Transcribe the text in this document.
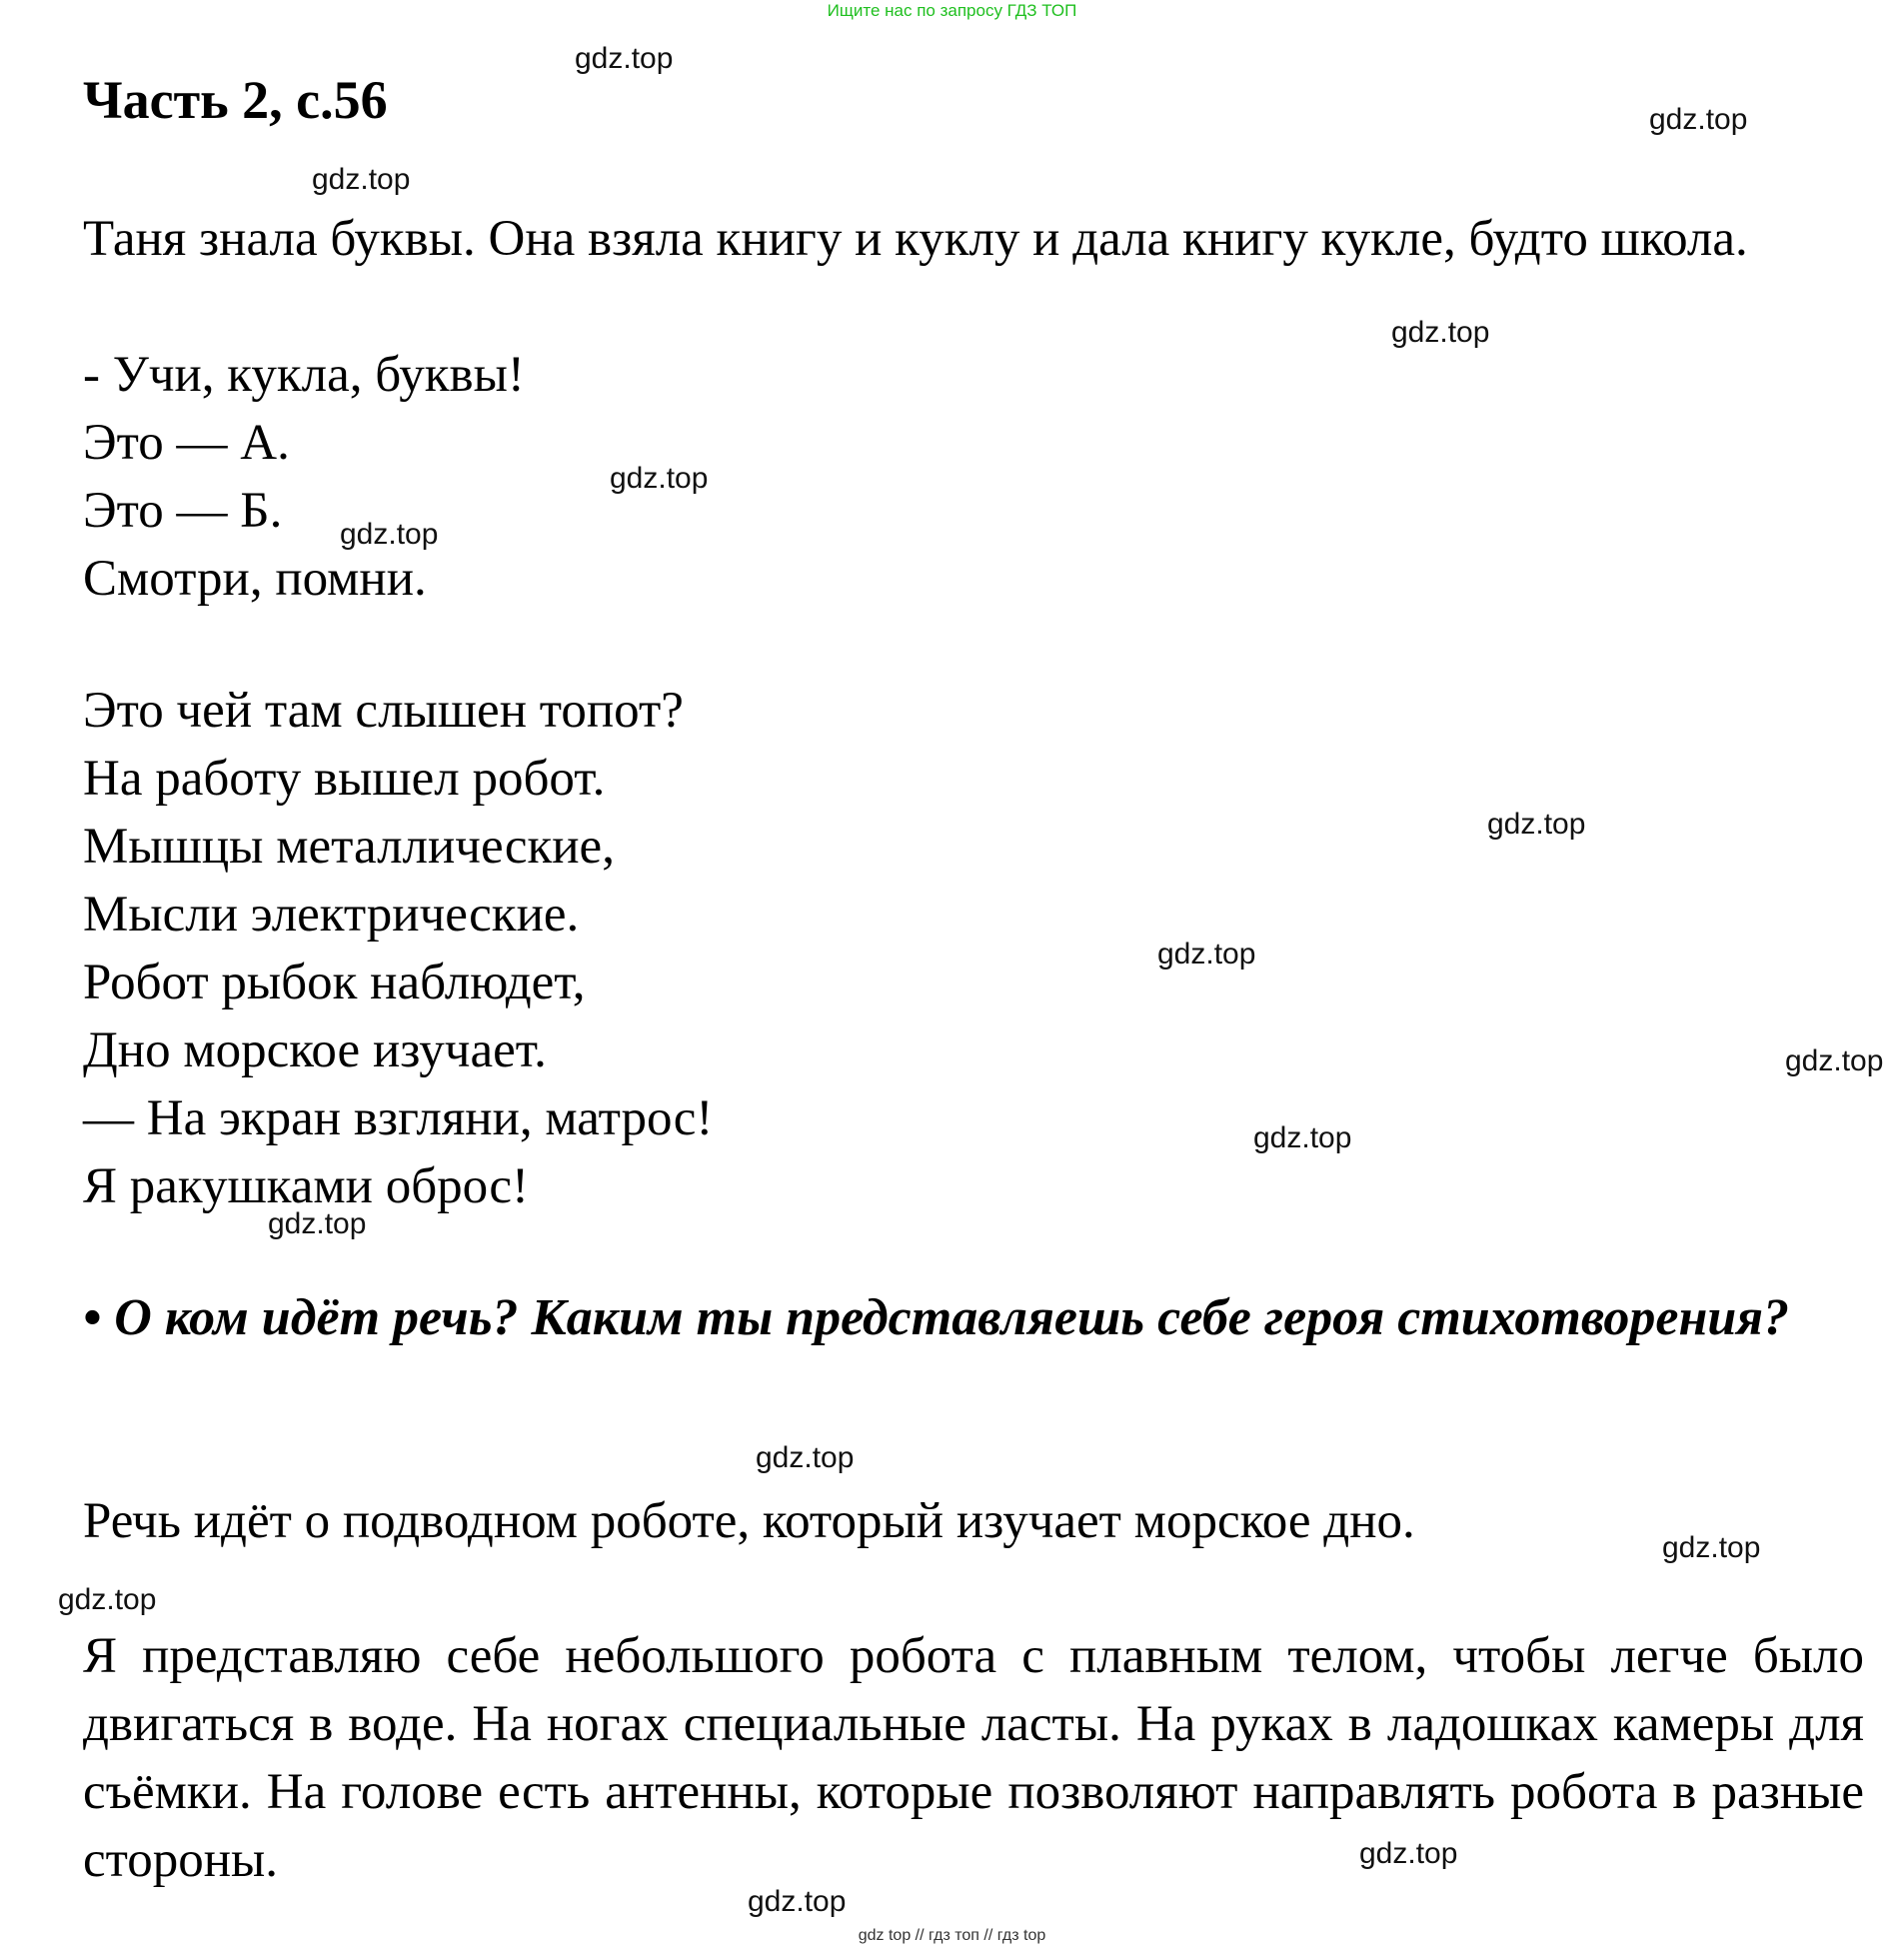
Ищите нас по запросу ГДЗ ТОП
Часть 2, с.56
Таня знала буквы. Она взяла книгу и куклу и дала книгу кукле, будто школа.
- Учи, кукла, буквы!
Это — А.
Это — Б.
Смотри, помни.
Это чей там слышен топот?
На работу вышел робот.
Мышцы металлические,
Мысли электрические.
Робот рыбок наблюдет,
Дно морское изучает.
— На экран взгляни, матрос!
Я ракушками оброс!
• О ком идёт речь? Каким ты представляешь себе героя стихотворения?
Речь идёт о подводном роботе, который изучает морское дно.
Я представляю себе небольшого робота с плавным телом, чтобы легче было двигаться в воде. На ногах специальные ласты. На руках в ладошках камеры для съёмки. На голове есть антенны, которые позволяют направлять робота в разные стороны.
gdz.top
gdz.top
gdz.top
gdz.top
gdz.top
gdz.top
gdz.top
gdz.top
gdz.top
gdz.top
gdz.top
gdz.top
gdz.top
gdz.top
gdz.top
gdz.top
gdz top // гдз топ // гдз top
